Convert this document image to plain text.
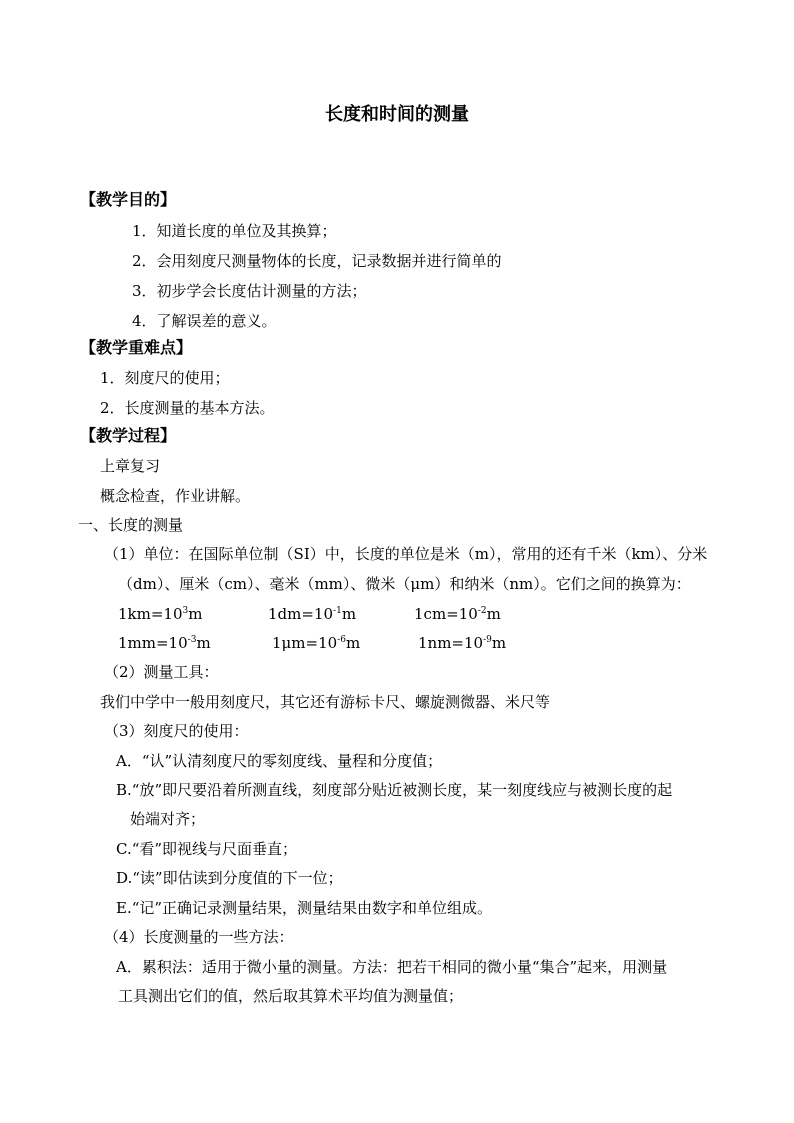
长度和时间的测量
【教学目的】
1．知道长度的单位及其换算；
2．会用刻度尺测量物体的长度，记录数据并进行简单的
3．初步学会长度估计测量的方法；
4．了解误差的意义。
【教学重难点】
1．刻度尺的使用；
2．长度测量的基本方法。
【教学过程】
上章复习
概念检查，作业讲解。
一、长度的测量
（1）单位：在国际单位制（SI）中，长度的单位是米（m），常用的还有千米（km）、分米
（dm）、厘米（cm）、毫米（mm）、微米（μm）和纳米（nm）。它们之间的换算为：
$1km=10^3m$	$1dm=10^{-1}m$	$1cm=10^{-2}m$
$1mm=10^{-3}m$	$1\mu m=10^{-6}m$	$1nm=10^{-9}m$
（2）测量工具：
我们中学中一般用刻度尺，其它还有游标卡尺、螺旋测微器、米尺等
（3）刻度尺的使用：
A．“认”认清刻度尺的零刻度线、量程和分度值；
B.“放”即尺要沿着所测直线，刻度部分贴近被测长度，某一刻度线应与被测长度的起
始端对齐；
C.“看”即视线与尺面垂直；
D.“读”即估读到分度值的下一位；
E.“记”正确记录测量结果，测量结果由数字和单位组成。
（4）长度测量的一些方法：
A．累积法：适用于微小量的测量。方法：把若干相同的微小量“集合”起来，用测量
工具测出它们的值，然后取其算术平均值为测量值；
